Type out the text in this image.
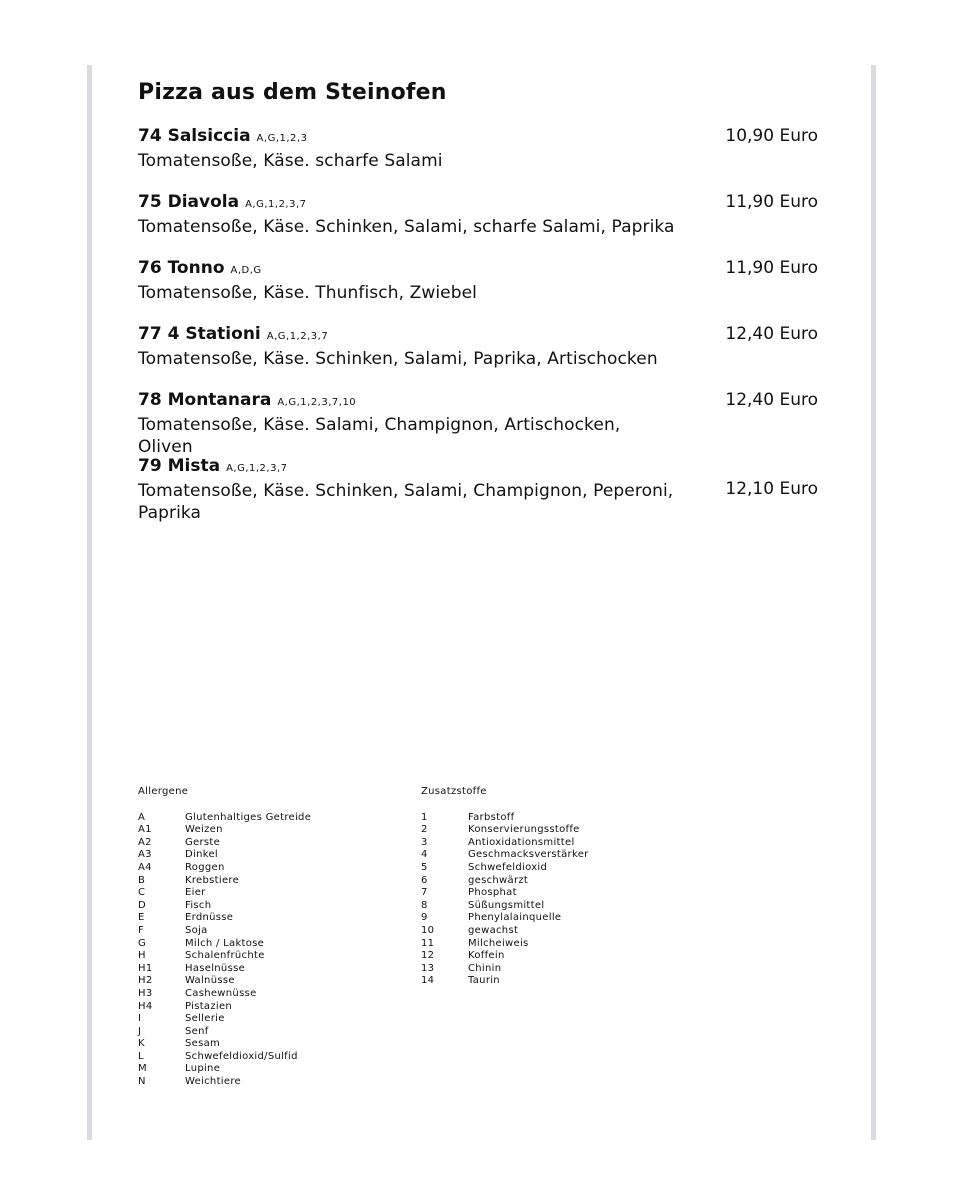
Pizza aus dem Steinofen
74 Salsiccia A,G,1,2,3
Tomatensoße, Käse. scharfe Salami
10,90 Euro
75 Diavola A,G,1,2,3,7
Tomatensoße, Käse. Schinken, Salami, scharfe Salami, Paprika
11,90 Euro
76 Tonno A,D,G
Tomatensoße, Käse. Thunfisch, Zwiebel
11,90 Euro
77 4 Stationi A,G,1,2,3,7
Tomatensoße, Käse. Schinken, Salami, Paprika, Artischocken
12,40 Euro
78 Montanara A,G,1,2,3,7,10
Tomatensoße, Käse. Salami, Champignon, Artischocken, Oliven
12,40 Euro
79 Mista A,G,1,2,3,7
Tomatensoße, Käse. Schinken, Salami, Champignon, Peperoni, Paprika
12,10 Euro
Allergene
A	Glutenhaltiges Getreide
A1	Weizen
A2	Gerste
A3	Dinkel
A4	Roggen
B	Krebstiere
C	Eier
D	Fisch
E	Erdnüsse
F	Soja
G	Milch / Laktose
H	Schalenfrüchte
H1	Haselnüsse
H2	Walnüsse
H3	Cashewnüsse
H4	Pistazien
I	Sellerie
J	Senf
K	Sesam
L	Schwefeldioxid/Sulfid
M	Lupine
N	Weichtiere
Zusatzstoffe
1	Farbstoff
2	Konservierungsstoffe
3	Antioxidationsmittel
4	Geschmacksverstärker
5	Schwefeldioxid
6	geschwärzt
7	Phosphat
8	Süßungsmittel
9	Phenylalainquelle
10	gewachst
11	Milcheiweis
12	Koffein
13	Chinin
14	Taurin
